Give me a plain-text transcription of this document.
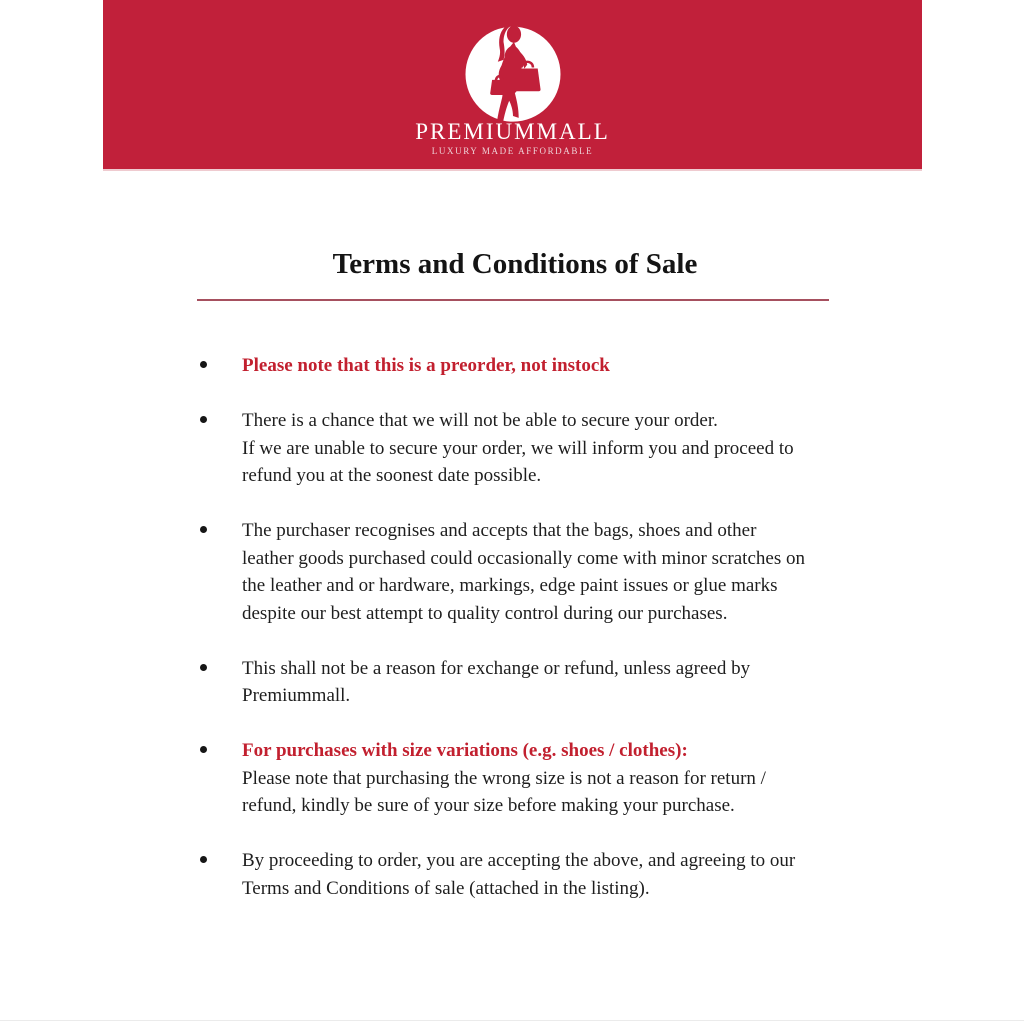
PREMIUMMALL
LUXURY MADE AFFORDABLE
Terms and Conditions of Sale
Please note that this is a preorder, not instock
There is a chance that we will not be able to secure your order.
If we are unable to secure your order, we will inform you and proceed to
refund you at the soonest date possible.
The purchaser recognises and accepts that the bags, shoes and other
leather goods purchased could occasionally come with minor scratches on
the leather and or hardware, markings, edge paint issues or glue marks
despite our best attempt to quality control during our purchases.
This shall not be a reason for exchange or refund, unless agreed by
Premiummall.
For purchases with size variations (e.g. shoes / clothes):
Please note that purchasing the wrong size is not a reason for return /
refund, kindly be sure of your size before making your purchase.
By proceeding to order, you are accepting the above, and agreeing to our
Terms and Conditions of sale (attached in the listing).
